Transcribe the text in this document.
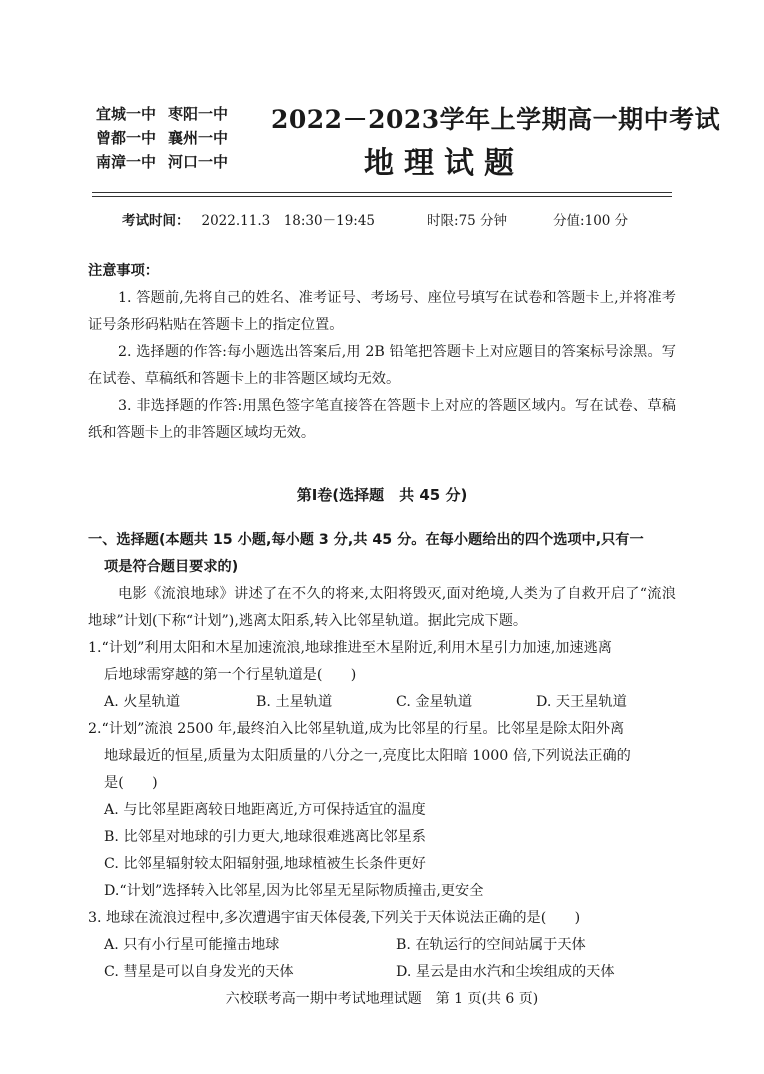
宜城一中 枣阳一中
曾都一中 襄州一中
南漳一中 河口一中
2022－2023学年上学期高一期中考试
地理试题
考试时间： 2022.11.3　18:30－19:45	时限:75 分钟	分值:100 分
注意事项：

1. 答题前,先将自己的姓名、准考证号、考场号、座位号填写在试卷和答题卡上,并将准考证号条形码粘贴在答题卡上的指定位置。

2. 选择题的作答:每小题选出答案后,用 2B 铅笔把答题卡上对应题目的答案标号涂黑。写在试卷、草稿纸和答题卡上的非答题区域均无效。

3. 非选择题的作答:用黑色签字笔直接答在答题卡上对应的答题区域内。写在试卷、草稿纸和答题卡上的非答题区域均无效。

第Ⅰ卷(选择题　共 45 分)

一、选择题(本题共 15 小题,每小题 3 分,共 45 分。在每小题给出的四个选项中,只有一

项是符合题目要求的)

电影《流浪地球》讲述了在不久的将来,太阳将毁灭,面对绝境,人类为了自救开启了“流浪地球”计划(下称“计划”),逃离太阳系,转入比邻星轨道。据此完成下题。

1.“计划”利用太阳和木星加速流浪,地球推进至木星附近,利用木星引力加速,加速逃离

后地球需穿越的第一个行星轨道是(　　)

A. 火星轨道	B. 土星轨道	C. 金星轨道	D. 天王星轨道

2.“计划”流浪 2500 年,最终泊入比邻星轨道,成为比邻星的行星。比邻星是除太阳外离

地球最近的恒星,质量为太阳质量的八分之一,亮度比太阳暗 1000 倍,下列说法正确的

是(　　)

A. 与比邻星距离较日地距离近,方可保持适宜的温度

B. 比邻星对地球的引力更大,地球很难逃离比邻星系

C. 比邻星辐射较太阳辐射强,地球植被生长条件更好

D.“计划”选择转入比邻星,因为比邻星无星际物质撞击,更安全

3. 地球在流浪过程中,多次遭遇宇宙天体侵袭,下列关于天体说法正确的是(　　)

A. 只有小行星可能撞击地球	B. 在轨运行的空间站属于天体
C. 彗星是可以自身发光的天体	D. 星云是由水汽和尘埃组成的天体
六校联考高一期中考试地理试题　第 1 页(共 6 页)
